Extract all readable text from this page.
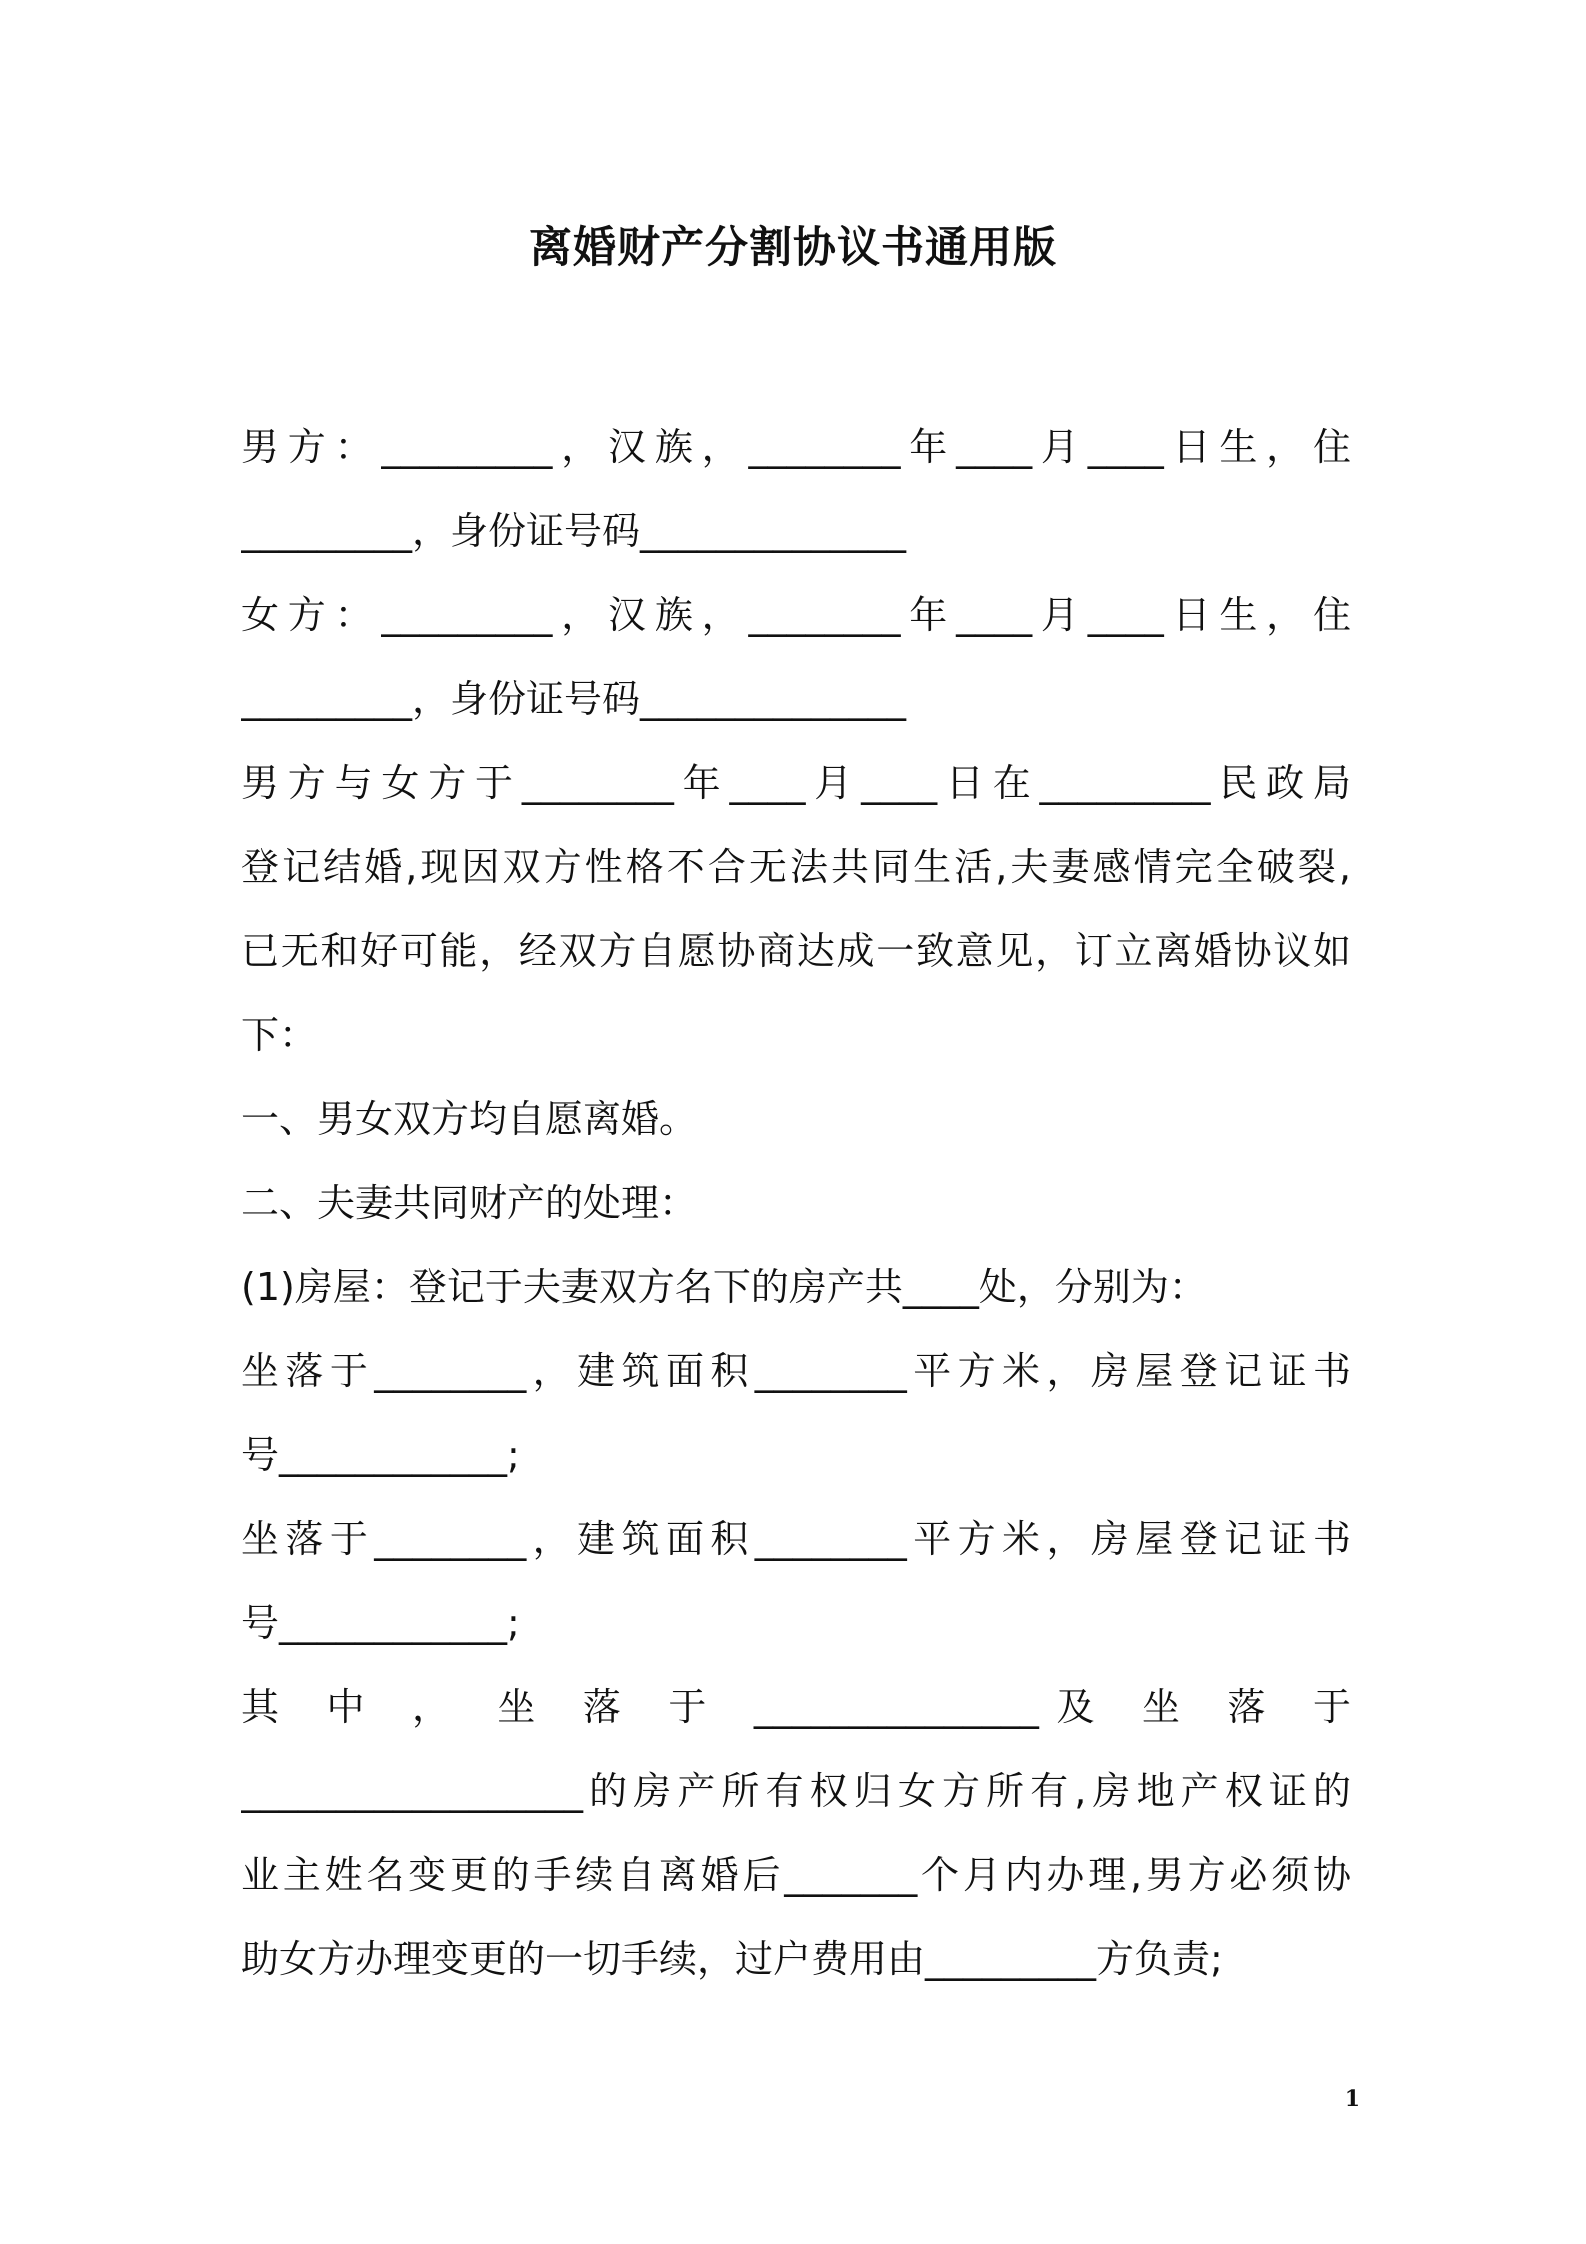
离婚财产分割协议书通用版

男方：_________，汉族，________年____月____日生，住

_________，身份证号码______________

女方：_________，汉族，________年____月____日生，住

_________，身份证号码______________

男方与女方于________年____月____日在_________民政局

登记结婚,现因双方性格不合无法共同生活,夫妻感情完全破裂,

已无和好可能，经双方自愿协商达成一致意见，订立离婚协议如

下：

一、男女双方均自愿离婚。

二、夫妻共同财产的处理：

(1)房屋：登记于夫妻双方名下的房产共____处，分别为：

坐落于________，建筑面积________平方米，房屋登记证书

号____________;

坐落于________，建筑面积________平方米，房屋登记证书

号____________;

其 中 ， 坐 落 于 _______________及 坐 落 于

__________________的房产所有权归女方所有,房地产权证的

业主姓名变更的手续自离婚后_______个月内办理,男方必须协

助女方办理变更的一切手续，过户费用由_________方负责;

1
